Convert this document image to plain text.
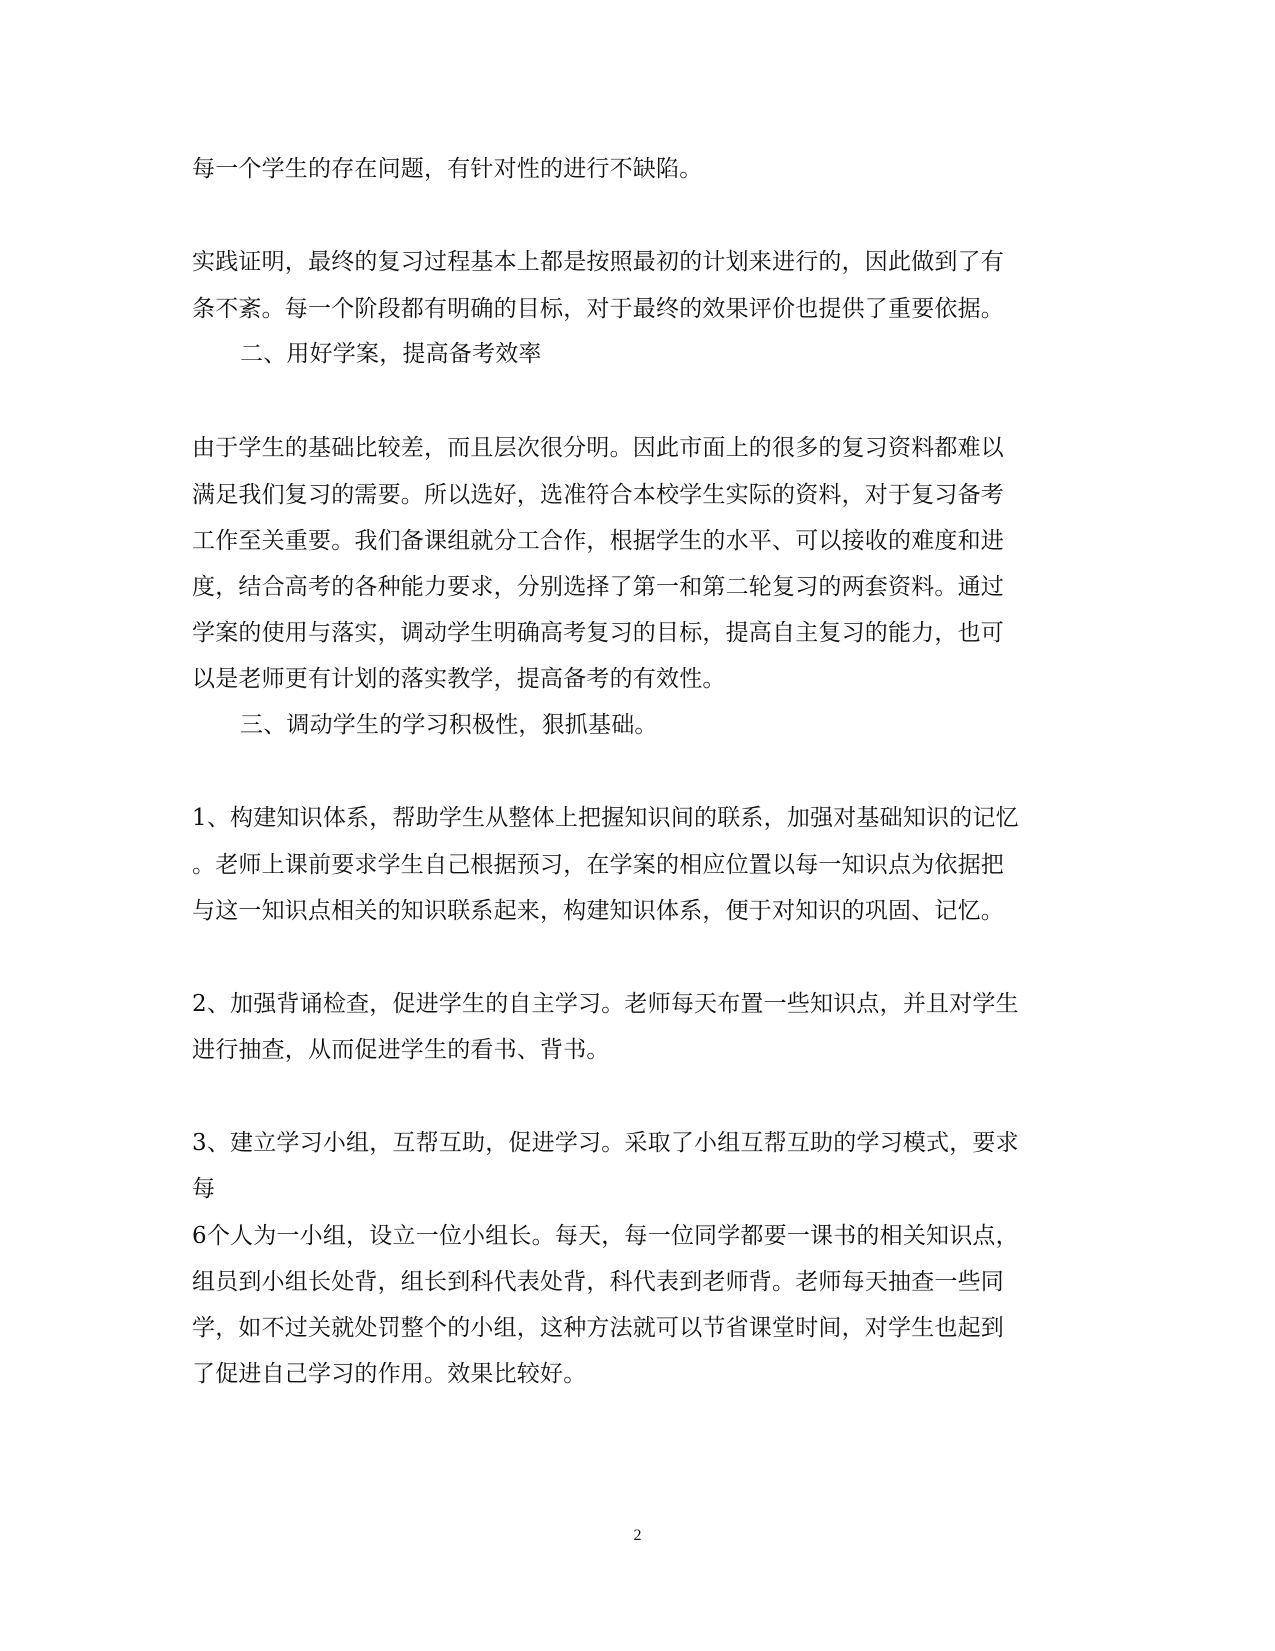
每一个学生的存在问题，有针对性的进行不缺陷。
实践证明，最终的复习过程基本上都是按照最初的计划来进行的，因此做到了有
条不紊。每一个阶段都有明确的目标，对于最终的效果评价也提供了重要依据。
二、用好学案，提高备考效率
由于学生的基础比较差，而且层次很分明。因此市面上的很多的复习资料都难以
满足我们复习的需要。所以选好，选准符合本校学生实际的资料，对于复习备考
工作至关重要。我们备课组就分工合作，根据学生的水平、可以接收的难度和进
度，结合高考的各种能力要求，分别选择了第一和第二轮复习的两套资料。通过
学案的使用与落实，调动学生明确高考复习的目标，提高自主复习的能力，也可
以是老师更有计划的落实教学，提高备考的有效性。
三、调动学生的学习积极性，狠抓基础。
1、构建知识体系，帮助学生从整体上把握知识间的联系，加强对基础知识的记忆
。老师上课前要求学生自己根据预习，在学案的相应位置以每一知识点为依据把
与这一知识点相关的知识联系起来，构建知识体系，便于对知识的巩固、记忆。
2、加强背诵检查，促进学生的自主学习。老师每天布置一些知识点，并且对学生
进行抽查，从而促进学生的看书、背书。
3、建立学习小组，互帮互助，促进学习。采取了小组互帮互助的学习模式，要求
每
6个人为一小组，设立一位小组长。每天，每一位同学都要一课书的相关知识点，
组员到小组长处背，组长到科代表处背，科代表到老师背。老师每天抽查一些同
学，如不过关就处罚整个的小组，这种方法就可以节省课堂时间，对学生也起到
了促进自己学习的作用。效果比较好。
2
